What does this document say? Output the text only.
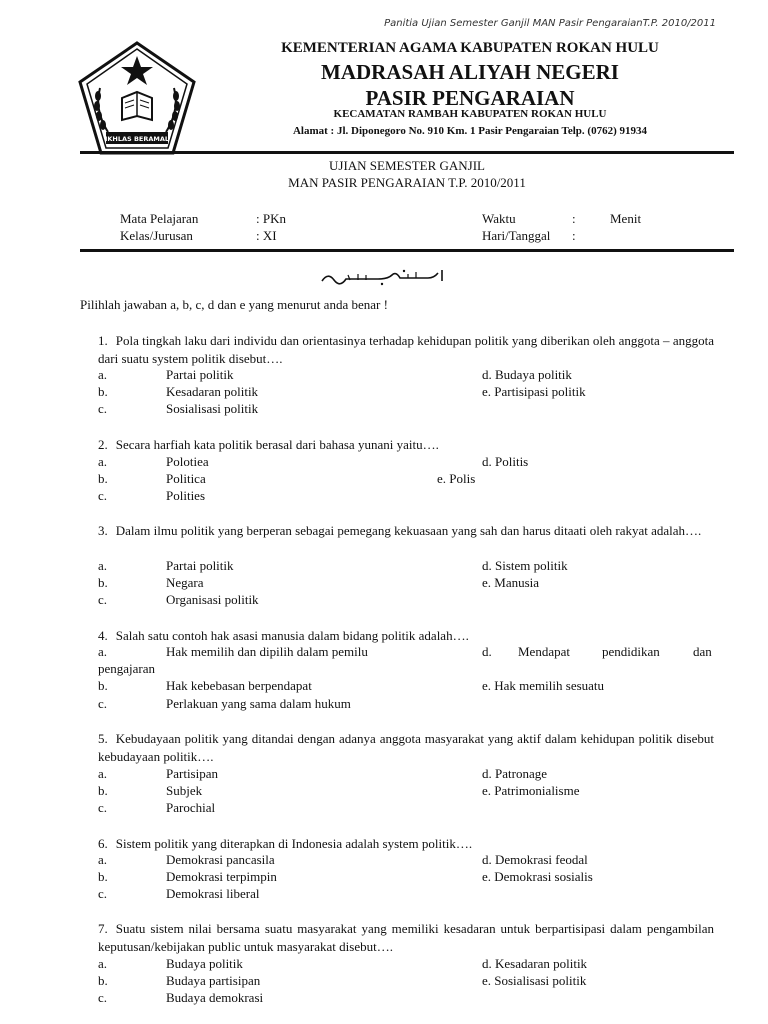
Panitia Ujian Semester Ganjil MAN Pasir PengaraianT.P. 2010/2011
IKHLAS BERAMAL
KEMENTERIAN AGAMA KABUPATEN ROKAN HULU
MADRASAH ALIYAH NEGERI
PASIR PENGARAIAN
KECAMATAN RAMBAH KABUPATEN ROKAN HULU
Alamat : Jl. Diponegoro No. 910 Km. 1 Pasir Pengaraian Telp. (0762) 91934
UJIAN SEMESTER GANJIL
MAN PASIR PENGARAIAN T.P. 2010/2011
Mata Pelajaran	: PKn
Kelas/Jurusan	: XI
Waktu	:	Menit
Hari/Tanggal :
Pilihlah jawaban a, b, c, d dan e yang menurut anda benar !
1. Pola tingkah laku dari individu dan orientasinya terhadap kehidupan politik yang diberikan oleh anggota – anggota dari suatu system politik disebut….
a.	Partai politik	d. Budaya politik
b.	Kesadaran politik	e. Partisipasi politik
c.	Sosialisasi politik
2. Secara harfiah kata politik berasal dari bahasa yunani yaitu….
a.	Polotiea	d. Politis
b.	Politica	e. Polis
c.	Polities
3. Dalam ilmu politik yang berperan sebagai pemegang kekuasaan yang sah dan harus ditaati oleh rakyat adalah….
a.	Partai politik	d. Sistem politik
b.	Negara	e. Manusia
c.	Organisasi politik
4. Salah satu contoh hak asasi manusia dalam bidang politik adalah….
a.	Hak memilih dan dipilih dalam pemilu	d. Mendapat pendidikan	dan
pengajaran
b.	Hak kebebasan berpendapat	e. Hak memilih sesuatu
c.	Perlakuan yang sama dalam hukum
5. Kebudayaan politik yang ditandai dengan adanya anggota masyarakat yang aktif dalam kehidupan politik disebut kebudayaan politik….
a.	Partisipan	d. Patronage
b.	Subjek	e. Patrimonialisme
c.	Parochial
6. Sistem politik yang diterapkan di Indonesia adalah system politik….
a.	Demokrasi pancasila	d. Demokrasi feodal
b.	Demokrasi terpimpin	e. Demokrasi sosialis
c.	Demokrasi liberal
7. Suatu sistem nilai bersama suatu masyarakat yang memiliki kesadaran untuk berpartisipasi dalam pengambilan keputusan/kebijakan public untuk masyarakat disebut….
a.	Budaya politik	d. Kesadaran politik
b.	Budaya partisipan	e. Sosialisasi politik
c.	Budaya demokrasi
